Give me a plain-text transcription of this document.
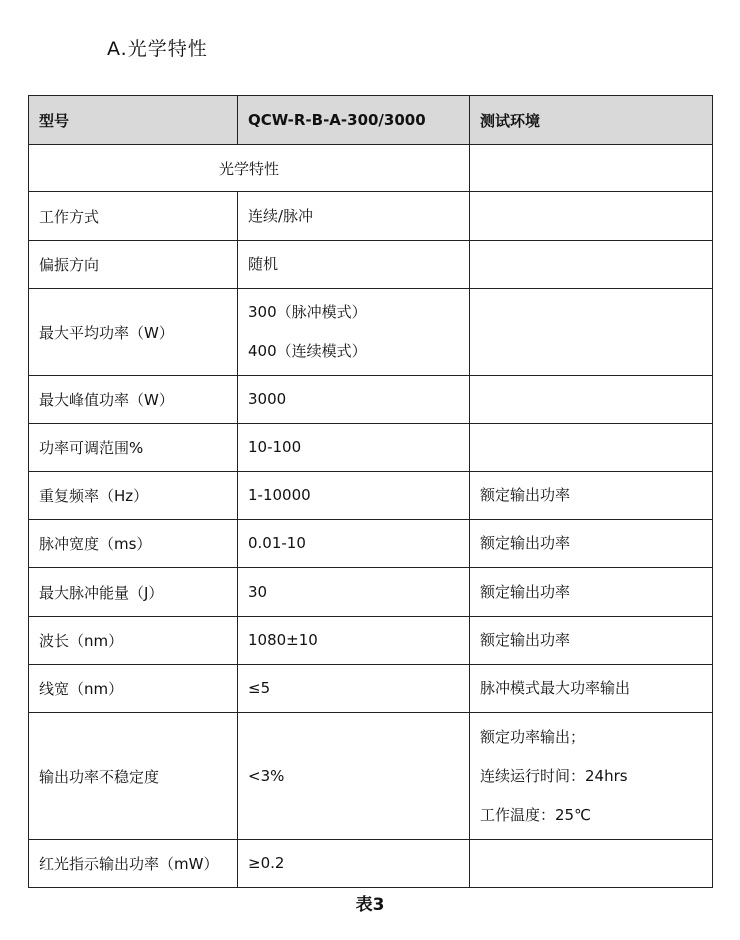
A.光学特性
型号	QCW-R-B-A-300/3000	测试环境
光学特性		
工作方式	连续/脉冲	

偏振方向	随机	

最大平均功率（W）	300（脉冲模式）
400（连续模式）	

最大峰值功率（W）	3000	

功率可调范围%	10-100	

重复频率（Hz）	1-10000	额定输出功率

脉冲宽度（ms）	0.01-10	额定输出功率

最大脉冲能量（J）	30	额定输出功率

波长（nm）	1080±10	额定输出功率

线宽（nm）	≤5	脉冲模式最大功率输出

输出功率不稳定度	<3%	额定功率输出；
连续运行时间：24hrs
工作温度：25℃

红光指示输出功率（mW）	≥0.2	

表3
